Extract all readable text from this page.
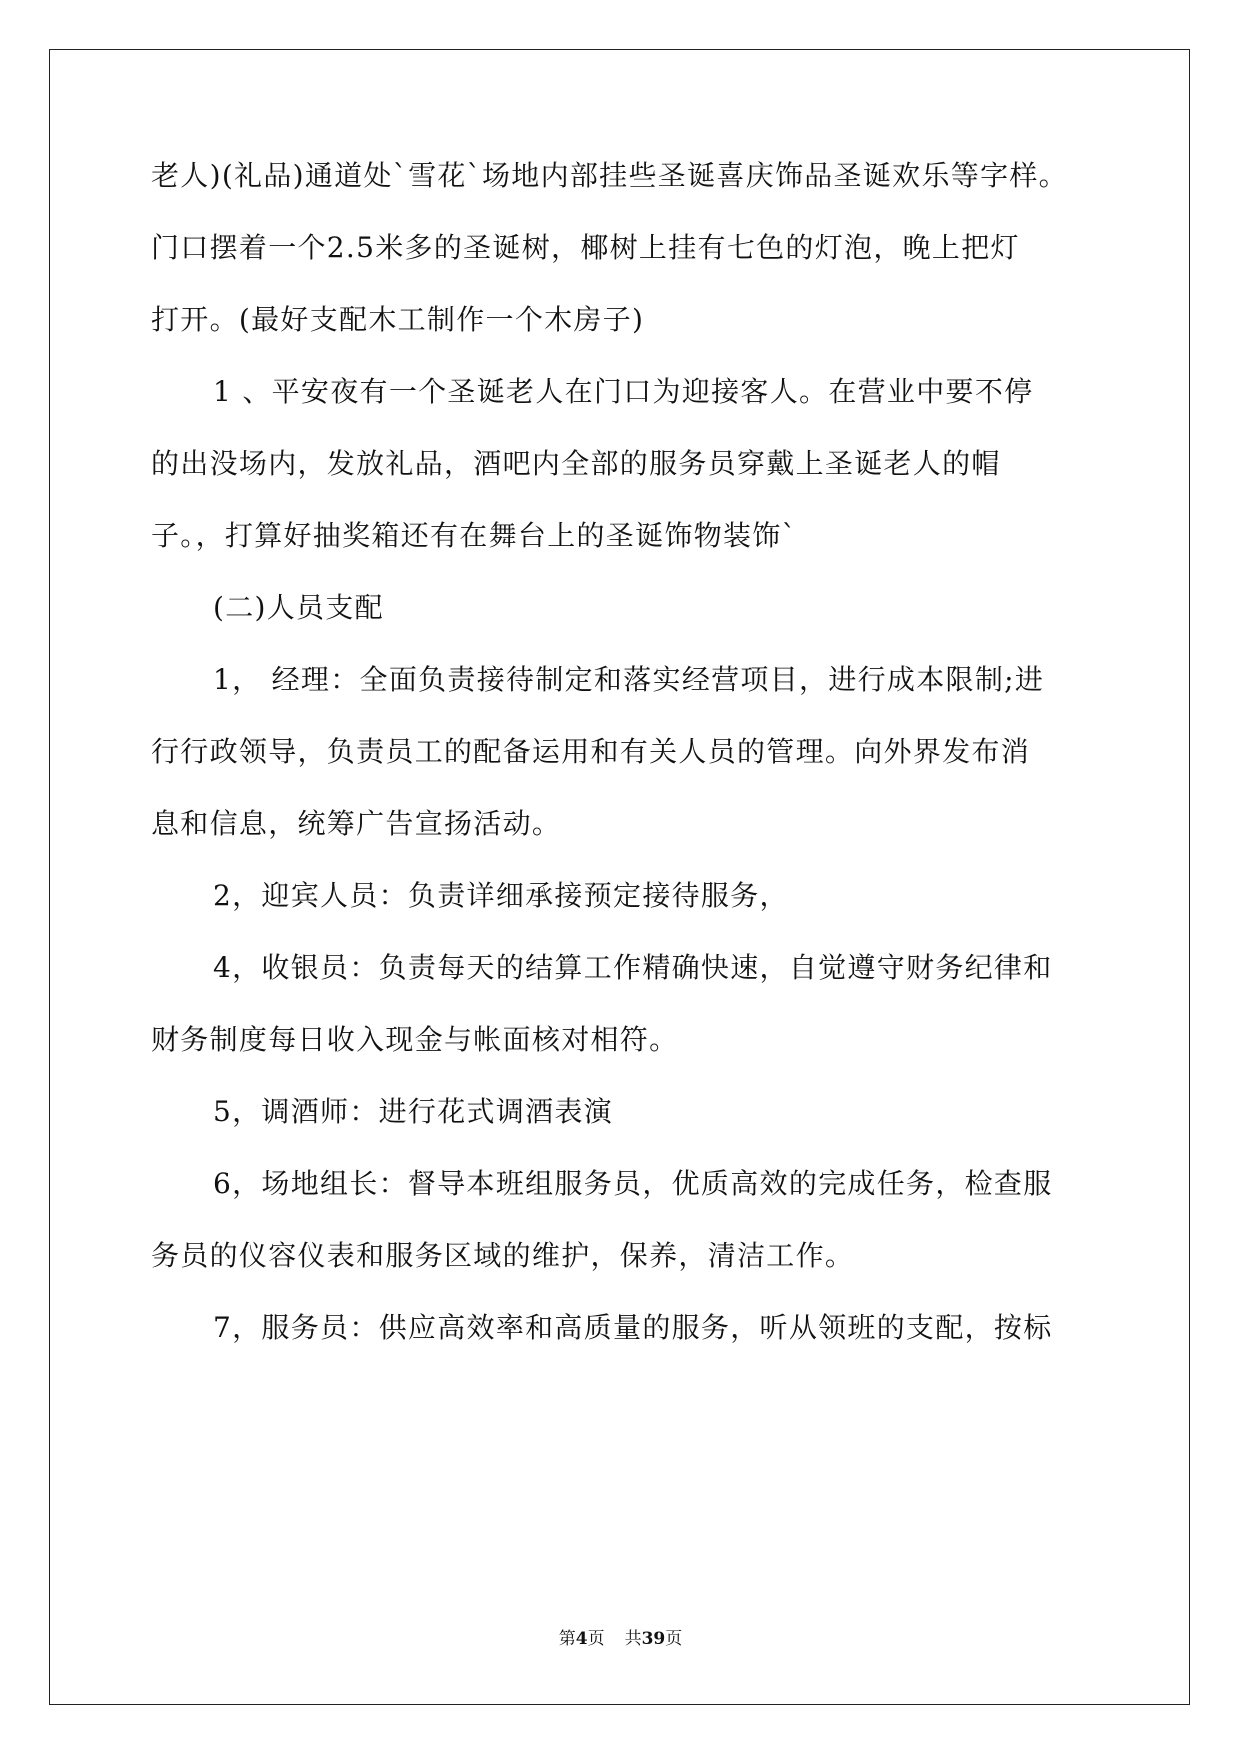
老人)(礼品)通道处`雪花`场地内部挂些圣诞喜庆饰品圣诞欢乐等字样。
门口摆着一个2.5米多的圣诞树，椰树上挂有七色的灯泡，晚上把灯
打开。(最好支配木工制作一个木房子)
1 、平安夜有一个圣诞老人在门口为迎接客人。在营业中要不停
的出没场内，发放礼品，酒吧内全部的服务员穿戴上圣诞老人的帽
子。，打算好抽奖箱还有在舞台上的圣诞饰物装饰`
(二)人员支配
1， 经理：全面负责接待制定和落实经营项目，进行成本限制;进
行行政领导，负责员工的配备运用和有关人员的管理。向外界发布消
息和信息，统筹广告宣扬活动。
2，迎宾人员：负责详细承接预定接待服务，
4，收银员：负责每天的结算工作精确快速，自觉遵守财务纪律和
财务制度每日收入现金与帐面核对相符。
5，调酒师：进行花式调酒表演
6，场地组长：督导本班组服务员，优质高效的完成任务，检查服
务员的仪容仪表和服务区域的维护，保养，清洁工作。
7，服务员：供应高效率和高质量的服务，听从领班的支配，按标
第4页 共39页
